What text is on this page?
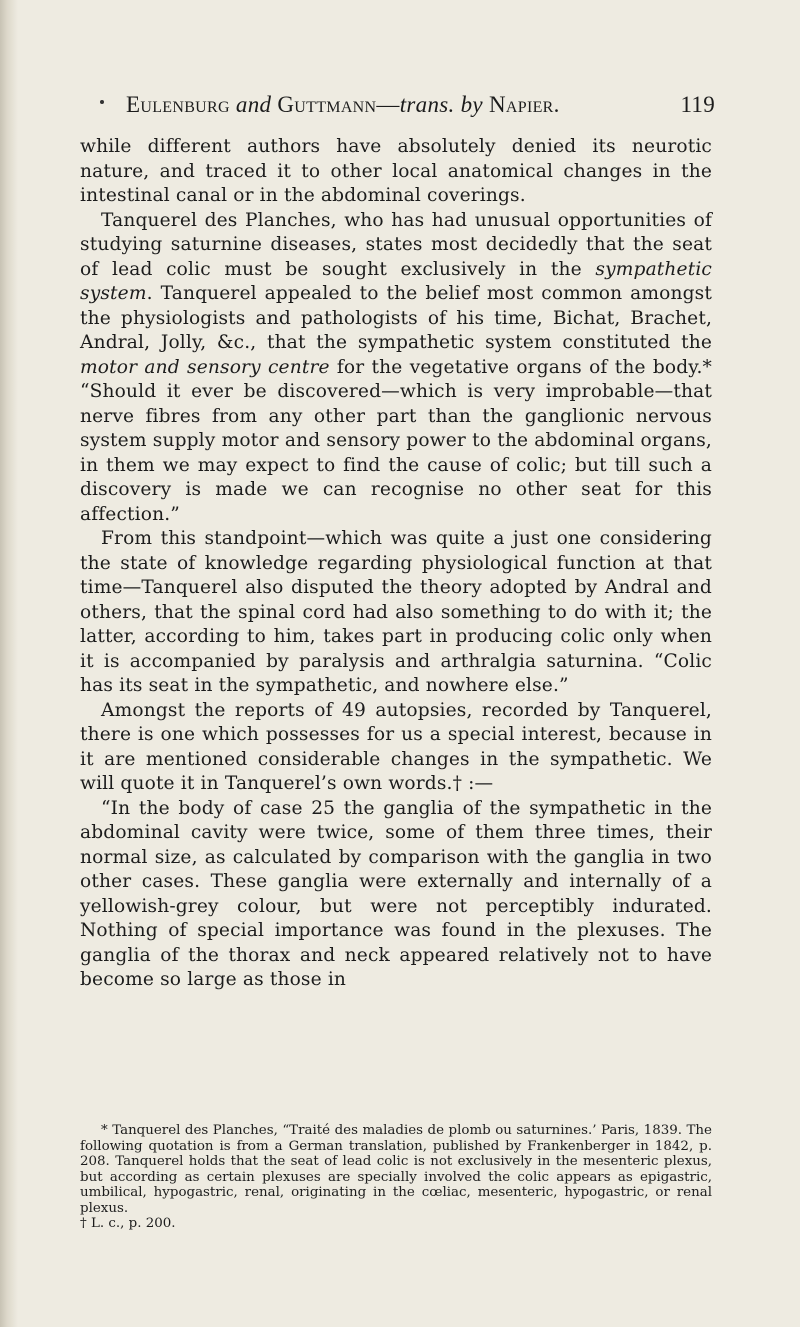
Eulenburg and Guttmann—trans. by Napier.	119

while different authors have absolutely denied its neurotic nature, and traced it to other local anatomical changes in the intestinal canal or in the abdominal coverings.

Tanquerel des Planches, who has had unusual opportunities of studying saturnine diseases, states most decidedly that the seat of lead colic must be sought exclusively in the sympathetic system. Tanquerel appealed to the belief most common amongst the physiologists and pathologists of his time, Bichat, Brachet, Andral, Jolly, &c., that the sympathetic system constituted the motor and sensory centre for the vegetative organs of the body.* “Should it ever be discovered—which is very improbable—that nerve fibres from any other part than the ganglionic nervous system supply motor and sensory power to the abdominal organs, in them we may expect to find the cause of colic; but till such a discovery is made we can recognise no other seat for this affection.”

From this standpoint—which was quite a just one considering the state of knowledge regarding physiological function at that time—Tanquerel also disputed the theory adopted by Andral and others, that the spinal cord had also something to do with it; the latter, according to him, takes part in producing colic only when it is accompanied by paralysis and arthralgia saturnina. “Colic has its seat in the sympathetic, and nowhere else.”

Amongst the reports of 49 autopsies, recorded by Tanquerel, there is one which possesses for us a special interest, because in it are mentioned considerable changes in the sympathetic. We will quote it in Tanquerel’s own words.† :—

“In the body of case 25 the ganglia of the sympathetic in the abdominal cavity were twice, some of them three times, their normal size, as calculated by comparison with the ganglia in two other cases. These ganglia were externally and internally of a yellowish-grey colour, but were not perceptibly indurated. Nothing of special importance was found in the plexuses. The ganglia of the thorax and neck appeared relatively not to have become so large as those in

* Tanquerel des Planches, “Traité des maladies de plomb ou saturnines.’ Paris, 1839. The following quotation is from a German translation, published by Frankenberger in 1842, p. 208. Tanquerel holds that the seat of lead colic is not exclusively in the mesenteric plexus, but according as certain plexuses are specially involved the colic appears as epigastric, umbilical, hypogastric, renal, originating in the cœliac, mesenteric, hypogastric, or renal plexus.

† L. c., p. 200.
